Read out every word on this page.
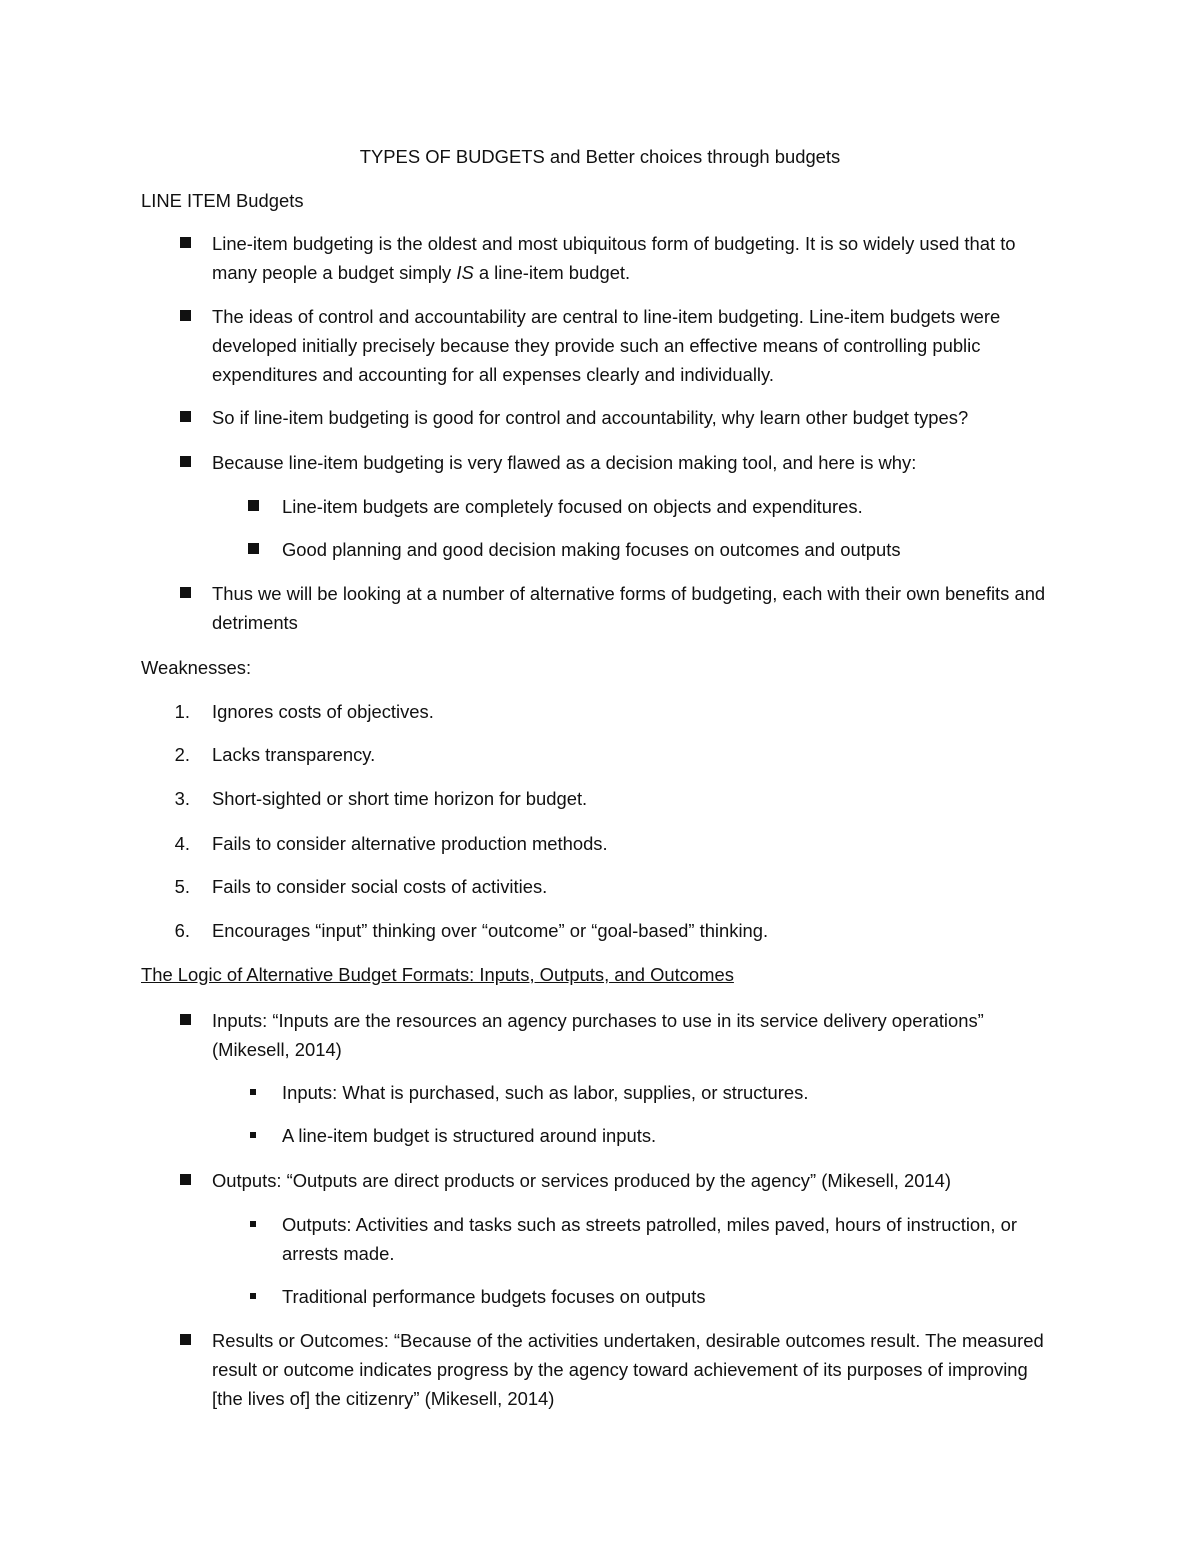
TYPES OF BUDGETS and Better choices through budgets
LINE ITEM Budgets
Line-item budgeting is the oldest and most ubiquitous form of budgeting. It is so widely used that to many people a budget simply IS a line-item budget.
The ideas of control and accountability are central to line-item budgeting. Line-item budgets were developed initially precisely because they provide such an effective means of controlling public expenditures and accounting for all expenses clearly and individually.
So if line-item budgeting is good for control and accountability, why learn other budget types?
Because line-item budgeting is very flawed as a decision making tool, and here is why:
Line-item budgets are completely focused on objects and expenditures.
Good planning and good decision making focuses on outcomes and outputs
Thus we will be looking at a number of alternative forms of budgeting, each with their own benefits and detriments
Weaknesses:
1. Ignores costs of objectives.
2. Lacks transparency.
3. Short-sighted or short time horizon for budget.
4. Fails to consider alternative production methods.
5. Fails to consider social costs of activities.
6. Encourages “input” thinking over “outcome” or “goal-based” thinking.
The Logic of Alternative Budget Formats: Inputs, Outputs, and Outcomes
Inputs: “Inputs are the resources an agency purchases to use in its service delivery operations” (Mikesell, 2014)
Inputs: What is purchased, such as labor, supplies, or structures.
A line-item budget is structured around inputs.
Outputs: “Outputs are direct products or services produced by the agency” (Mikesell, 2014)
Outputs: Activities and tasks such as streets patrolled, miles paved, hours of instruction, or arrests made.
Traditional performance budgets focuses on outputs
Results or Outcomes: “Because of the activities undertaken, desirable outcomes result. The measured result or outcome indicates progress by the agency toward achievement of its purposes of improving [the lives of] the citizenry” (Mikesell, 2014)
